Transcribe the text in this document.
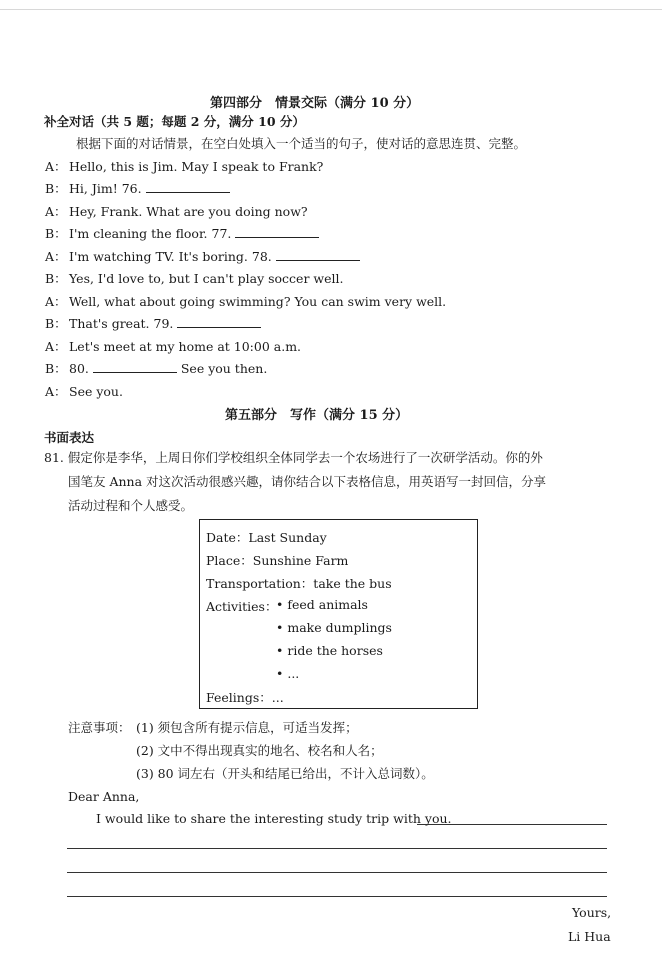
第四部分　情景交际（满分 10 分）
补全对话（共 5 题；每题 2 分，满分 10 分）
根据下面的对话情景，在空白处填入一个适当的句子，使对话的意思连贯、完整。
A： Hello, this is Jim. May I speak to Frank?
B： Hi, Jim! 76.
A： Hey, Frank. What are you doing now?
B： I'm cleaning the floor. 77.
A： I'm watching TV. It's boring. 78.
B： Yes, I'd love to, but I can't play soccer well.
A： Well, what about going swimming? You can swim very well.
B： That's great. 79.
A： Let's meet at my home at 10:00 a.m.
B： 80.	See you then.
A： See you.
第五部分　写作（满分 15 分）
书面表达
81. 假定你是李华，上周日你们学校组织全体同学去一个农场进行了一次研学活动。你的外
国笔友 Anna 对这次活动很感兴趣，请你结合以下表格信息，用英语写一封回信，分享
活动过程和个人感受。
Date：Last Sunday
Place：Sunshine Farm
Transportation：take the bus
Activities：
• feed animals
• make dumplings
• ride the horses
• ...
Feelings：...
注意事项： (1) 须包含所有提示信息，可适当发挥；
(2) 文中不得出现真实的地名、校名和人名；
(3) 80 词左右（开头和结尾已给出，不计入总词数）。
Dear Anna,
I would like to share the interesting study trip with you.
Yours,
Li Hua
